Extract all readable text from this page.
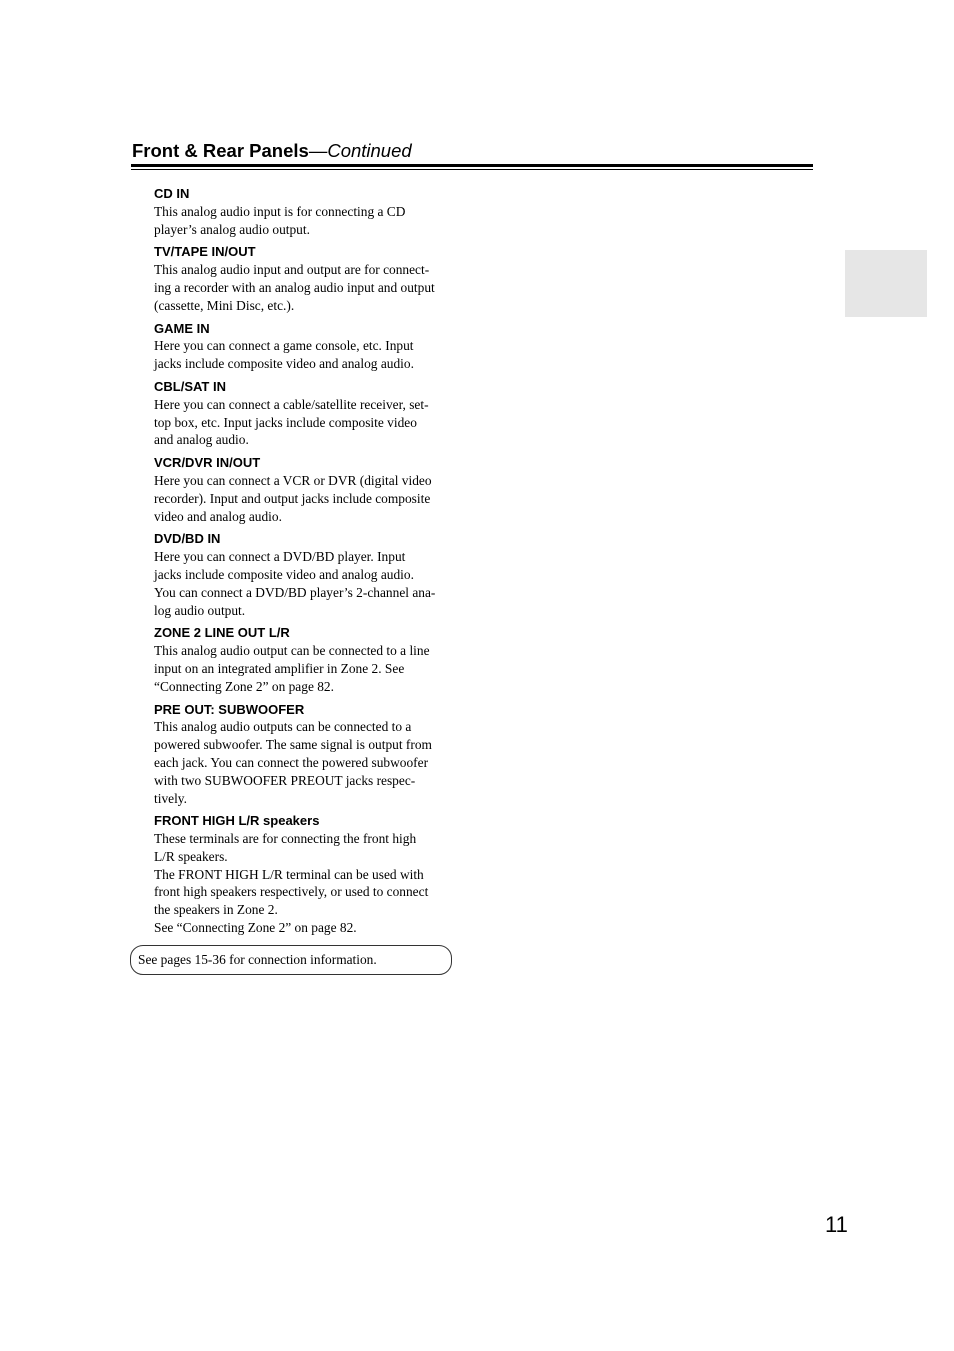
Front & Rear Panels—Continued
CD IN
This analog audio input is for connecting a CD
player’s analog audio output.
TV/TAPE IN/OUT
This analog audio input and output are for connect-
ing a recorder with an analog audio input and output
(cassette, Mini Disc, etc.).
GAME IN
Here you can connect a game console, etc. Input
jacks include composite video and analog audio.
CBL/SAT IN
Here you can connect a cable/satellite receiver, set-
top box, etc. Input jacks include composite video
and analog audio.
VCR/DVR IN/OUT
Here you can connect a VCR or DVR (digital video
recorder). Input and output jacks include composite
video and analog audio.
DVD/BD IN
Here you can connect a DVD/BD player. Input
jacks include composite video and analog audio.
You can connect a DVD/BD player’s 2-channel ana-
log audio output.
ZONE 2 LINE OUT L/R
This analog audio output can be connected to a line
input on an integrated amplifier in Zone 2. See
“Connecting Zone 2” on page 82.
PRE OUT: SUBWOOFER
This analog audio outputs can be connected to a
powered subwoofer. The same signal is output from
each jack. You can connect the powered subwoofer
with two SUBWOOFER PREOUT jacks respec-
tively.
FRONT HIGH L/R speakers
These terminals are for connecting the front high
L/R speakers.
The FRONT HIGH L/R terminal can be used with
front high speakers respectively, or used to connect
the speakers in Zone 2.
See “Connecting Zone 2” on page 82.
See pages 15-36 for connection information.
11
